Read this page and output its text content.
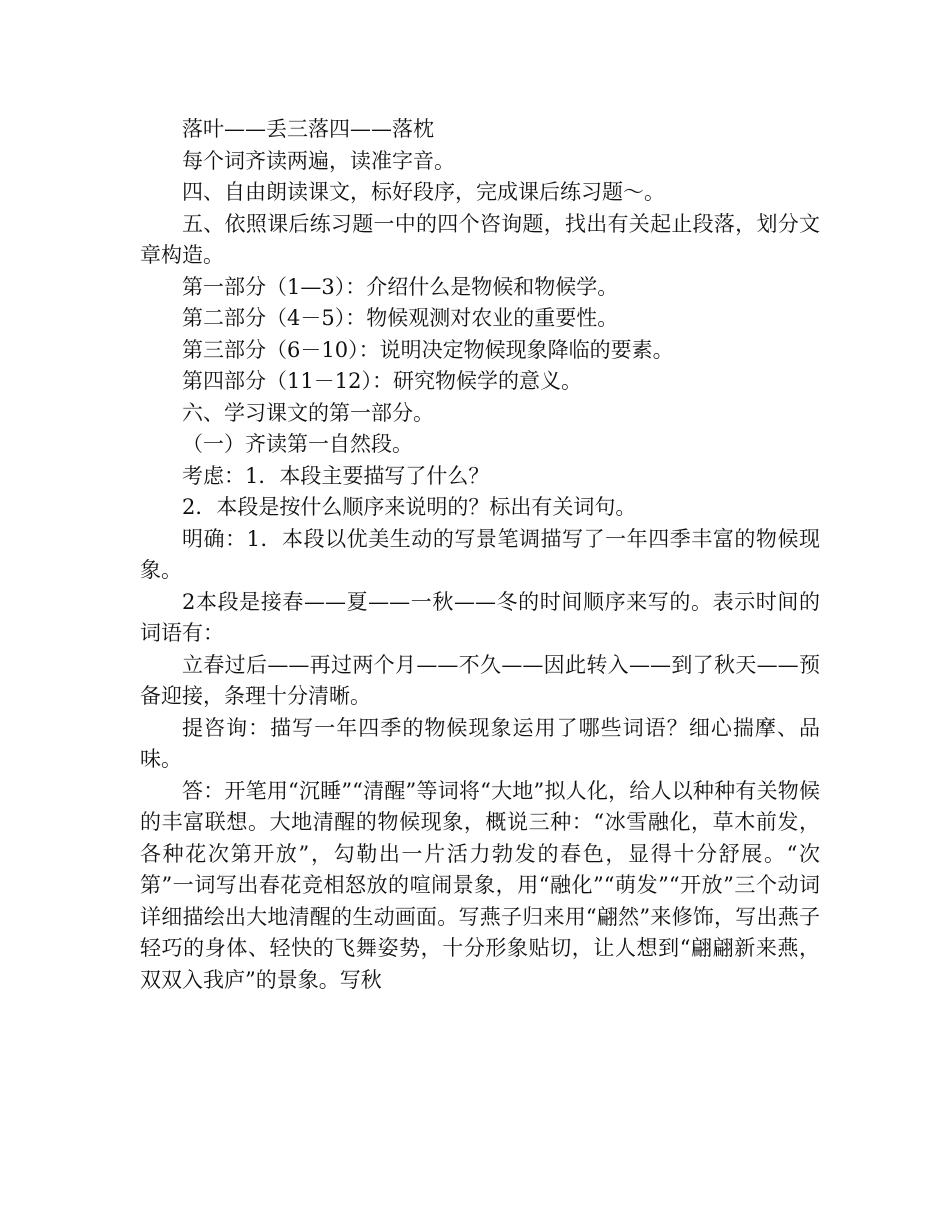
落叶——丢三落四——落枕

每个词齐读两遍，读准字音。

四、自由朗读课文，标好段序，完成课后练习题～。

五、依照课后练习题一中的四个咨询题，找出有关起止段落，划分文章构造。

第一部分（1—3）：介绍什么是物候和物候学。

第二部分（4－5）：物候观测对农业的重要性。

第三部分（6－10）：说明决定物候现象降临的要素。

第四部分（11－12）：研究物候学的意义。

六、学习课文的第一部分。

（一）齐读第一自然段。

考虑：1．本段主要描写了什么？

2．本段是按什么顺序来说明的？标出有关词句。

明确：1．本段以优美生动的写景笔调描写了一年四季丰富的物候现象。

2本段是接春——夏——一秋——冬的时间顺序来写的。表示时间的词语有：

立春过后——再过两个月——不久——因此转入——到了秋天——预备迎接，条理十分清晰。

提咨询：描写一年四季的物候现象运用了哪些词语？细心揣摩、品味。

答：开笔用“沉睡”“清醒”等词将“大地”拟人化，给人以种种有关物候的丰富联想。大地清醒的物候现象，概说三种：“冰雪融化，草木前发，各种花次第开放”，勾勒出一片活力勃发的春色，显得十分舒展。“次第”一词写出春花竞相怒放的喧闹景象，用“融化”“萌发”“开放”三个动词详细描绘出大地清醒的生动画面。写燕子归来用“翩然”来修饰，写出燕子轻巧的身体、轻快的飞舞姿势，十分形象贴切，让人想到“翩翩新来燕，双双入我庐”的景象。写秋
